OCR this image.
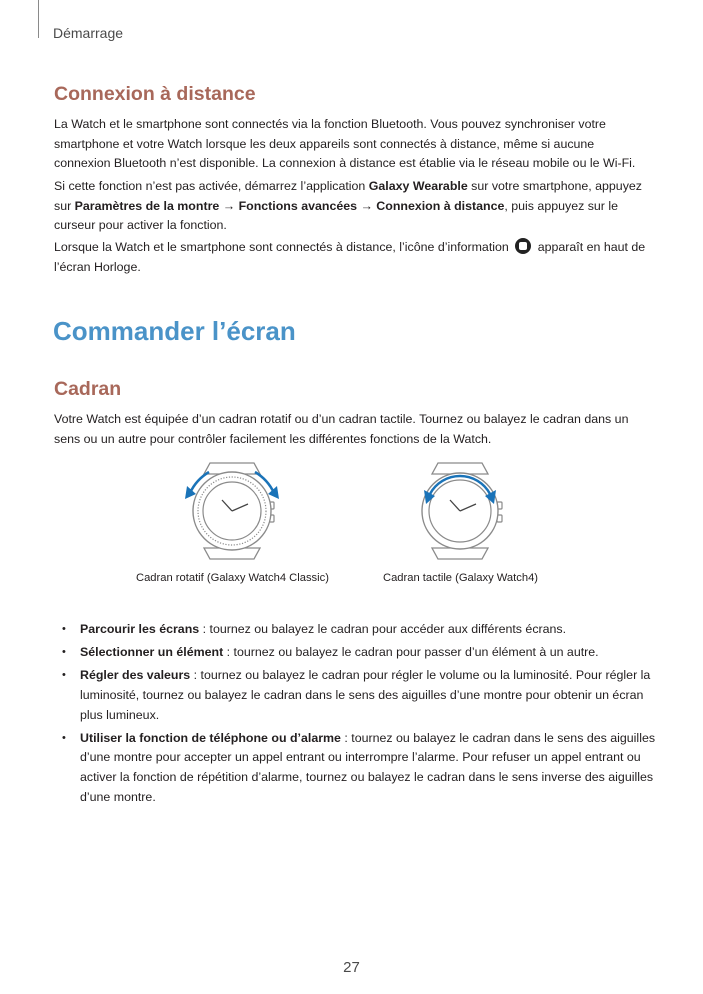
Démarrage
Connexion à distance

La Watch et le smartphone sont connectés via la fonction Bluetooth. Vous pouvez synchroniser votre smartphone et votre Watch lorsque les deux appareils sont connectés à distance, même si aucune connexion Bluetooth n’est disponible. La connexion à distance est établie via le réseau mobile ou le Wi-Fi.

Si cette fonction n’est pas activée, démarrez l’application Galaxy Wearable sur votre smartphone, appuyez sur Paramètres de la montre → Fonctions avancées → Connexion à distance, puis appuyez sur le curseur pour activer la fonction.

Lorsque la Watch et le smartphone sont connectés à distance, l’icône d’information apparaît en haut de l’écran Horloge.

Commander l’écran
Cadran

Votre Watch est équipée d’un cadran rotatif ou d’un cadran tactile. Tournez ou balayez le cadran dans un sens ou un autre pour contrôler facilement les différentes fonctions de la Watch.

Cadran rotatif (Galaxy Watch4 Classic)	Cadran tactile (Galaxy Watch4)
• Parcourir les écrans : tournez ou balayez le cadran pour accéder aux différents écrans.
• Sélectionner un élément : tournez ou balayez le cadran pour passer d’un élément à un autre.
• Régler des valeurs : tournez ou balayez le cadran pour régler le volume ou la luminosité. Pour régler la luminosité, tournez ou balayez le cadran dans le sens des aiguilles d’une montre pour obtenir un écran plus lumineux.
• Utiliser la fonction de téléphone ou d’alarme : tournez ou balayez le cadran dans le sens des aiguilles d’une montre pour accepter un appel entrant ou interrompre l’alarme. Pour refuser un appel entrant ou activer la fonction de répétition d’alarme, tournez ou balayez le cadran dans le sens inverse des aiguilles d’une montre.
27
